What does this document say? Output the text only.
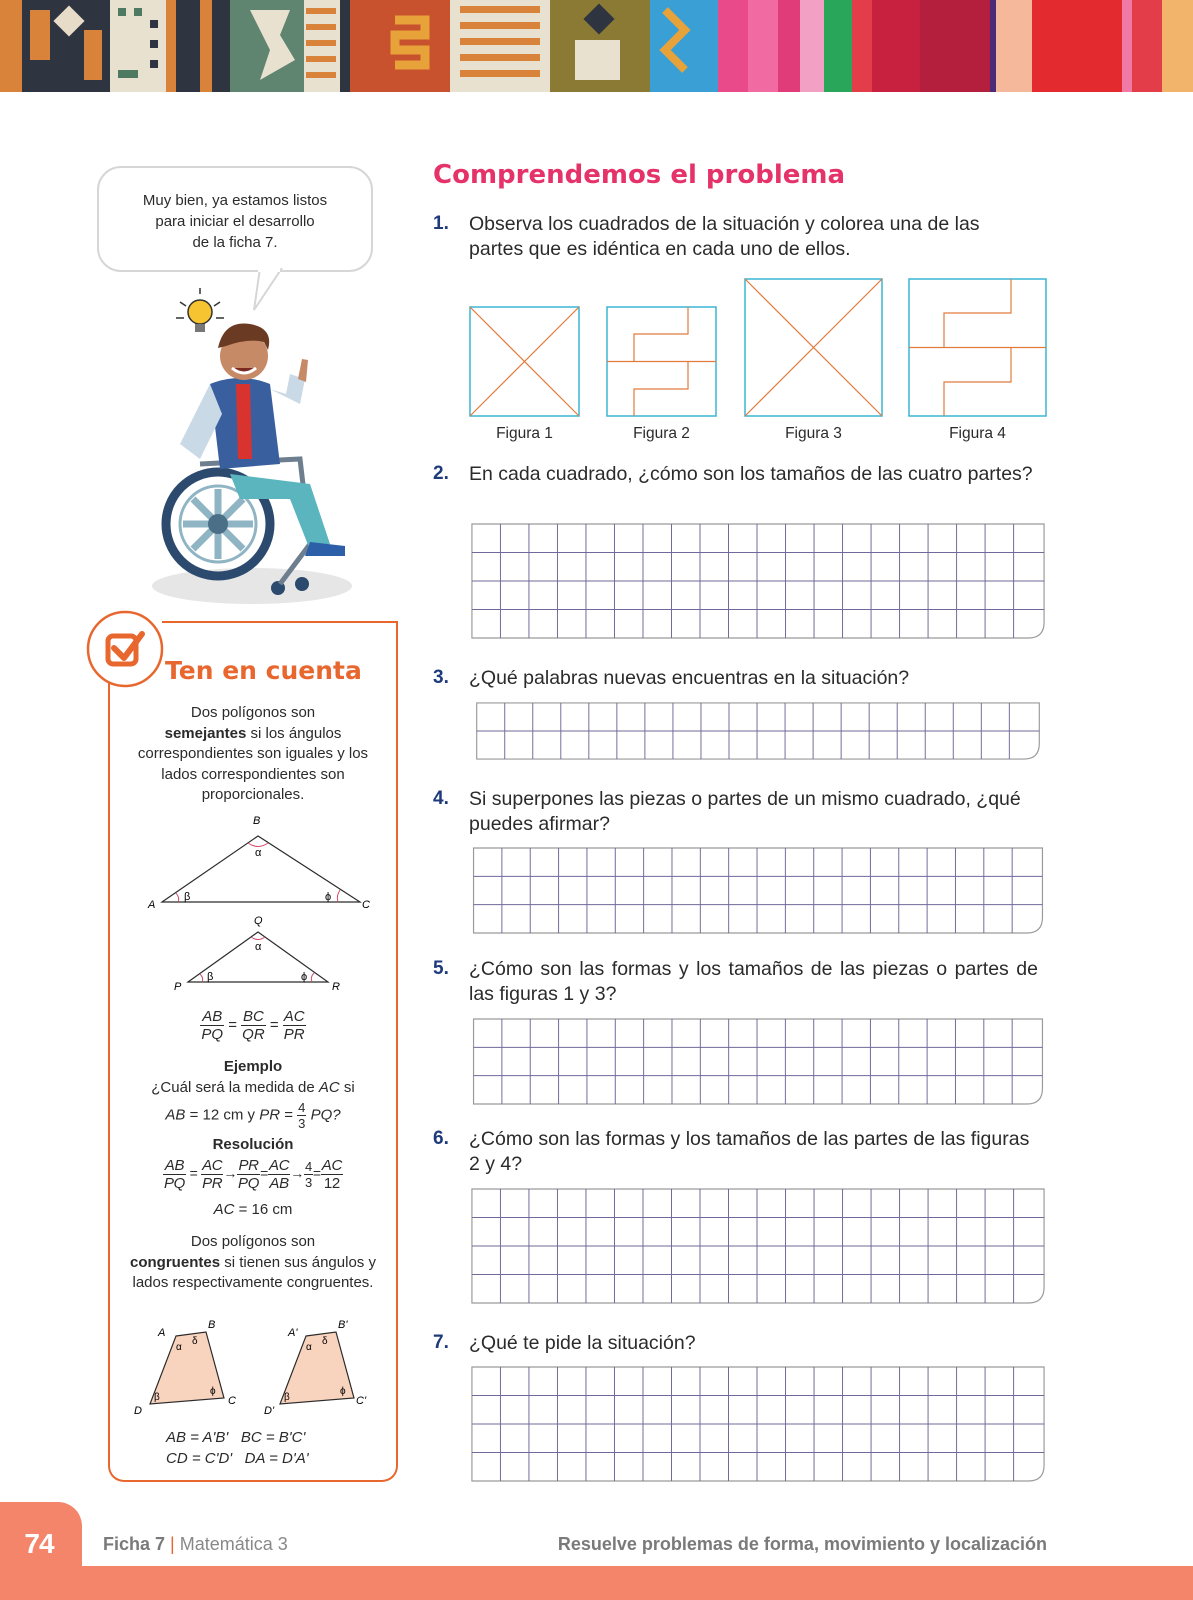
Muy bien, ya estamos listos
para iniciar el desarrollo
de la ficha 7.
Ten en cuenta
Dos polígonos son
semejantes si los ángulos correspondientes son iguales y los lados correspondientes son proporcionales.
B
A	C
α
β	ϕ
Q
P	R
α
β	ϕ
$\frac{AB}{PQ} = \frac{BC}{QR} = \frac{AC}{PR}$
Ejemplo
¿Cuál será la medida de AC si
AB = 12 cm y PR = $\frac{4}{3}$ PQ?
Resolución
$\frac{AB}{PQ} = \frac{AC}{PR} \to \frac{PR}{PQ} = \frac{AC}{AB} \to \frac{4}{3} = \frac{AC}{12}$
AC = 16 cm
Dos polígonos son
congruentes si tienen sus ángulos y lados respectivamente congruentes.
A
B
C
D
α
δ
β
ϕ
A'
B'
C'
D'
α
δ
β
ϕ
AB = A'B' BC = B'C'
CD = C'D' DA = D'A'
Comprendemos el problema
1. Observa los cuadrados de la situación y colorea una de las partes que es idéntica en cada uno de ellos.
Figura 1	Figura 2	Figura 3	Figura 4
2. En cada cuadrado, ¿cómo son los tamaños de las cuatro partes?
3. ¿Qué palabras nuevas encuentras en la situación?
4. Si superpones las piezas o partes de un mismo cuadrado, ¿qué puedes afirmar?
5. ¿Cómo son las formas y los tamaños de las piezas o partes de las figuras 1 y 3?
6. ¿Cómo son las formas y los tamaños de las partes de las figuras 2 y 4?
7. ¿Qué te pide la situación?
74	Ficha 7 | Matemática 3	Resuelve problemas de forma, movimiento y localización
